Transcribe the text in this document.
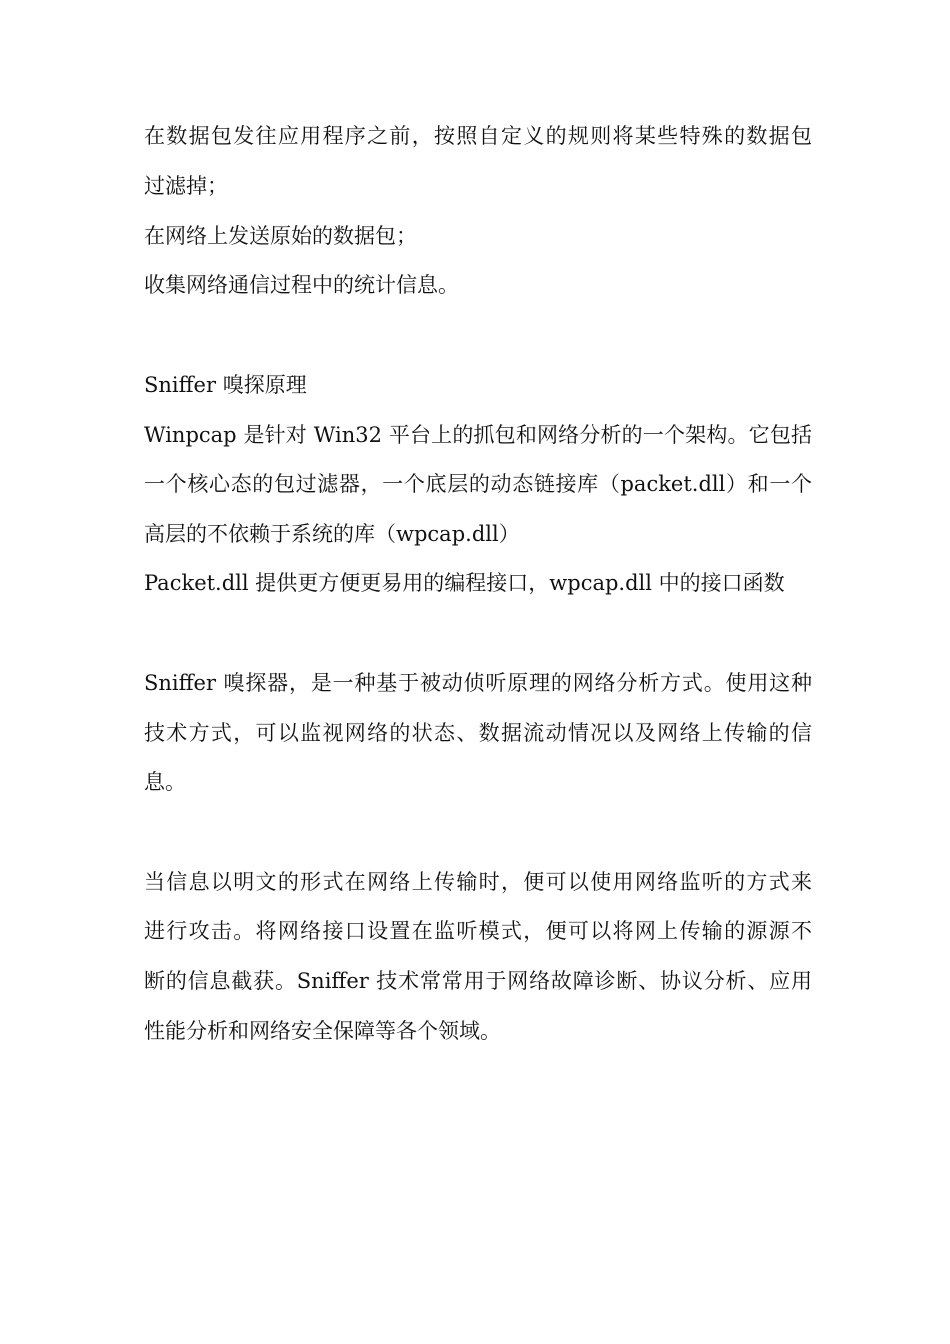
在数据包发往应用程序之前，按照自定义的规则将某些特殊的数据包
过滤掉；
在网络上发送原始的数据包；
收集网络通信过程中的统计信息。
Sniffer 嗅探原理
Winpcap 是针对 Win32 平台上的抓包和网络分析的一个架构。它包括
一个核心态的包过滤器，一个底层的动态链接库（packet.dll）和一个
高层的不依赖于系统的库（wpcap.dll）
Packet.dll 提供更方便更易用的编程接口，wpcap.dll 中的接口函数
Sniffer 嗅探器，是一种基于被动侦听原理的网络分析方式。使用这种
技术方式，可以监视网络的状态、数据流动情况以及网络上传输的信
息。
当信息以明文的形式在网络上传输时，便可以使用网络监听的方式来
进行攻击。将网络接口设置在监听模式，便可以将网上传输的源源不
断的信息截获。Sniffer 技术常常用于网络故障诊断、协议分析、应用
性能分析和网络安全保障等各个领域。
